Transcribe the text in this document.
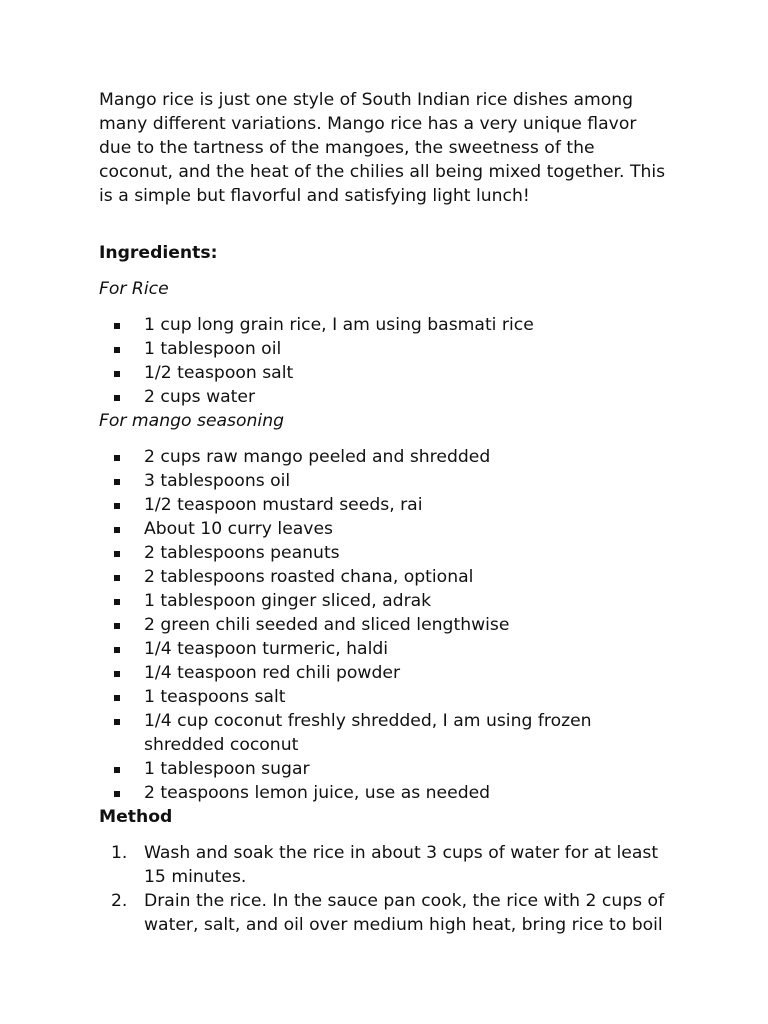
Mango rice is just one style of South Indian rice dishes among many different variations. Mango rice has a very unique flavor due to the tartness of the mangoes, the sweetness of the coconut, and the heat of the chilies all being mixed together. This is a simple but flavorful and satisfying light lunch!

Ingredients:

For Rice

1 cup long grain rice, I am using basmati rice
1 tablespoon oil
1/2 teaspoon salt
2 cups water

For mango seasoning

2 cups raw mango peeled and shredded
3 tablespoons oil
1/2 teaspoon mustard seeds, rai
About 10 curry leaves
2 tablespoons peanuts
2 tablespoons roasted chana, optional
1 tablespoon ginger sliced, adrak
2 green chili seeded and sliced lengthwise
1/4 teaspoon turmeric, haldi
1/4 teaspoon red chili powder
1 teaspoons salt
1/4 cup coconut freshly shredded, I am using frozen shredded coconut
1 tablespoon sugar
2 teaspoons lemon juice, use as needed

Method

1. Wash and soak the rice in about 3 cups of water for at least 15 minutes.
2. Drain the rice. In the sauce pan cook, the rice with 2 cups of water, salt, and oil over medium high heat, bring rice to boil
